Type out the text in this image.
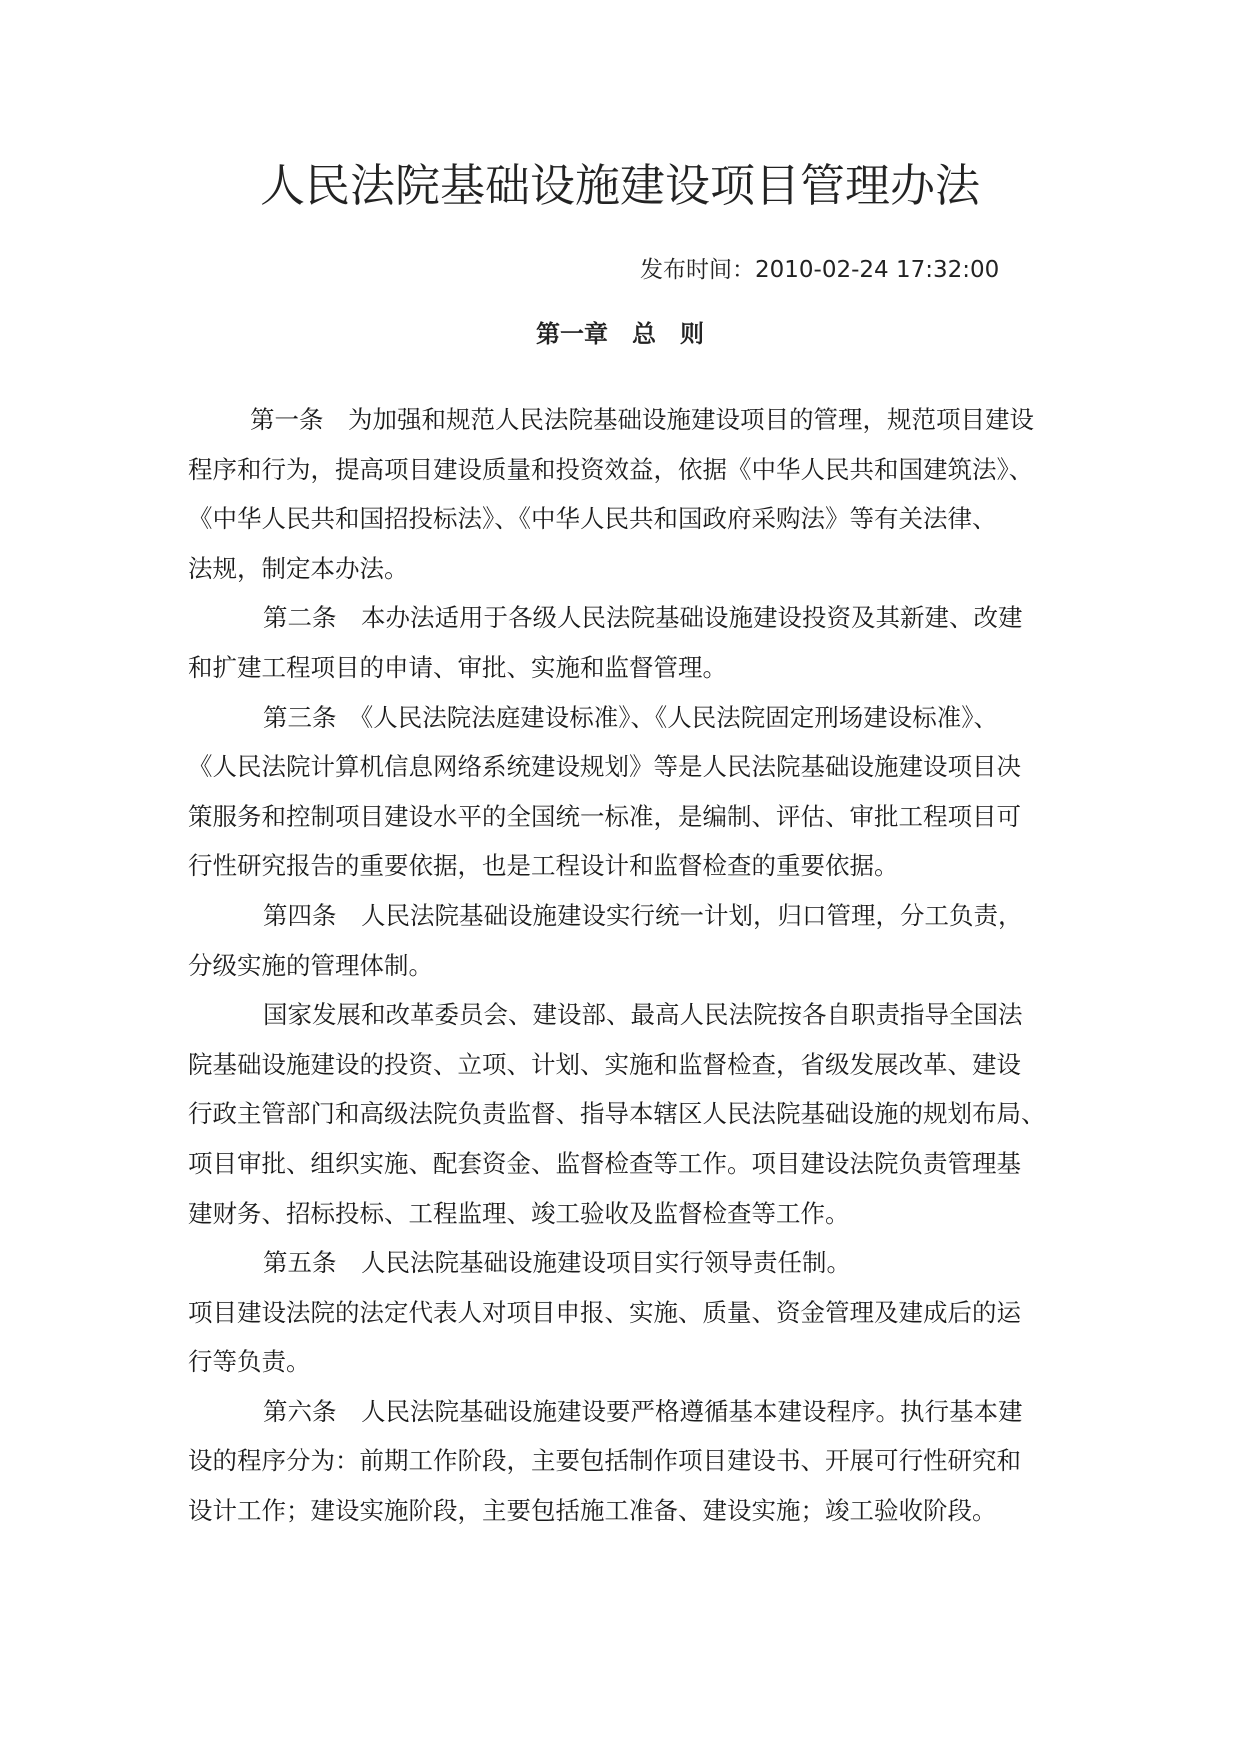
人民法院基础设施建设项目管理办法
发布时间：2010-02-24 17:32:00
第一章　总　则
第一条　为加强和规范人民法院基础设施建设项目的管理，规范项目建设
程序和行为，提高项目建设质量和投资效益，依据《中华人民共和国建筑法》、
《中华人民共和国招投标法》、《中华人民共和国政府采购法》等有关法律、
法规，制定本办法。
第二条　本办法适用于各级人民法院基础设施建设投资及其新建、改建
和扩建工程项目的申请、审批、实施和监督管理。
第三条　《人民法院法庭建设标准》、《人民法院固定刑场建设标准》、
《人民法院计算机信息网络系统建设规划》等是人民法院基础设施建设项目决
策服务和控制项目建设水平的全国统一标准，是编制、评估、审批工程项目可
行性研究报告的重要依据，也是工程设计和监督检查的重要依据。
第四条　人民法院基础设施建设实行统一计划，归口管理，分工负责，
分级实施的管理体制。
国家发展和改革委员会、建设部、最高人民法院按各自职责指导全国法
院基础设施建设的投资、立项、计划、实施和监督检查，省级发展改革、建设
行政主管部门和高级法院负责监督、指导本辖区人民法院基础设施的规划布局、
项目审批、组织实施、配套资金、监督检查等工作。项目建设法院负责管理基
建财务、招标投标、工程监理、竣工验收及监督检查等工作。
第五条　人民法院基础设施建设项目实行领导责任制。
项目建设法院的法定代表人对项目申报、实施、质量、资金管理及建成后的运
行等负责。
第六条　人民法院基础设施建设要严格遵循基本建设程序。执行基本建
设的程序分为：前期工作阶段，主要包括制作项目建设书、开展可行性研究和
设计工作；建设实施阶段，主要包括施工准备、建设实施；竣工验收阶段。
